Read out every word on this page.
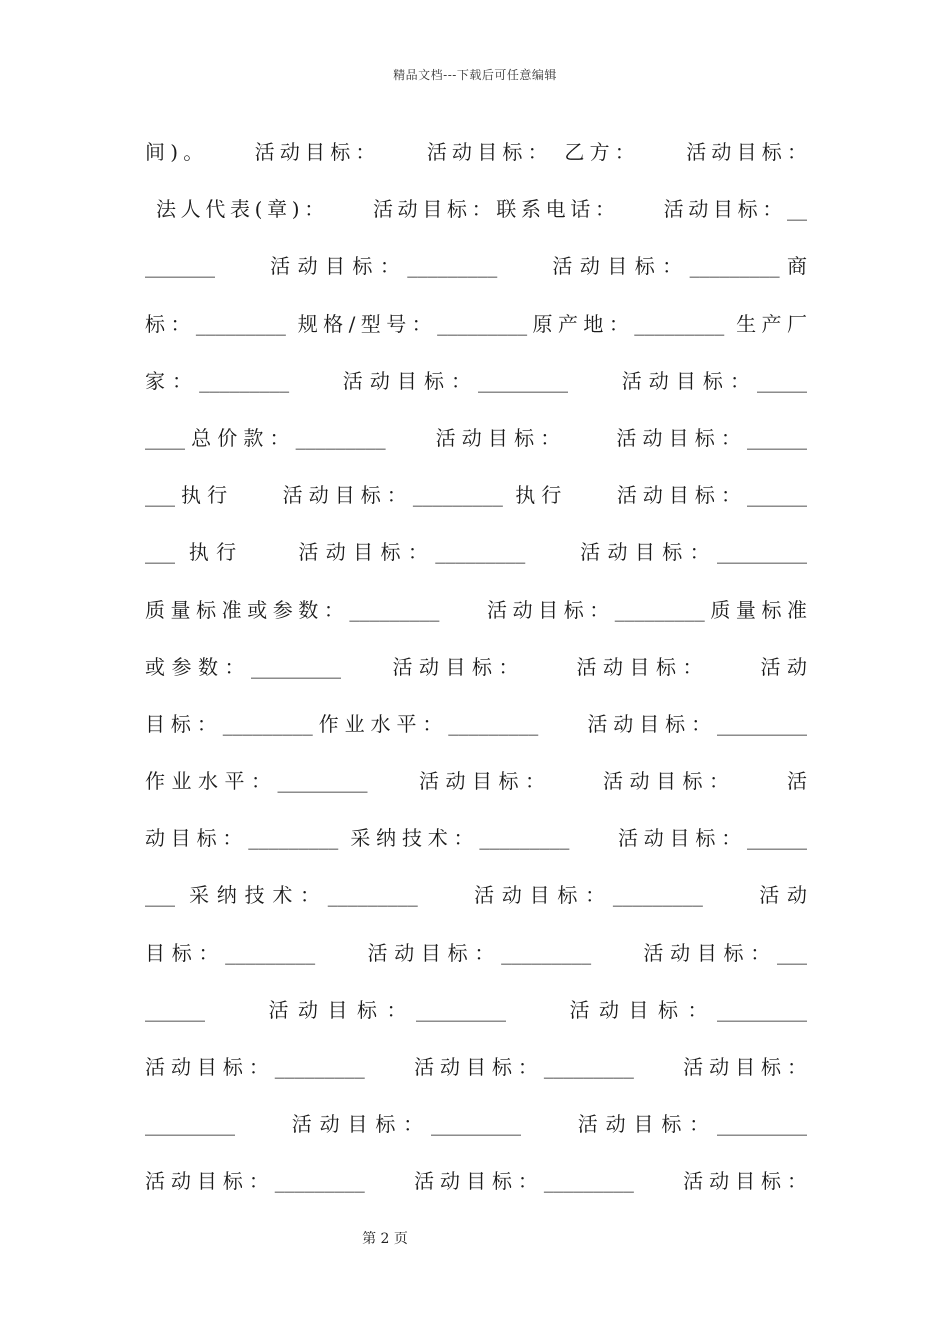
精品文档---下载后可任意编辑
间)。    活动目标：    活动目标： 乙方：    活动目标：
法人代表(章)：    活动目标：联系电话：    活动目标：__
_______    活动目标：_________    活动目标：_________商
标：_________ 规格/型号：_________原产地：_________ 生产厂
家：_________    活动目标：_________    活动目标：_____
____总价款：_________    活动目标：    活动目标：______
___执行    活动目标：_________ 执行    活动目标：______
___ 执行    活动目标：_________    活动目标：_________
质量标准或参数：_________    活动目标：_________质量标准
或参数：_________    活动目标：    活动目标：    活动
目标：_________作业水平：_________    活动目标：_________
作业水平：_________    活动目标：    活动目标：    活
动目标：_________ 采纳技术：_________    活动目标：______
___ 采纳技术：_________    活动目标：_________    活动
目标：_________    活动目标：_________    活动目标：___
______    活动目标：_________    活动目标：_________
活动目标：_________    活动目标：_________    活动目标：
_________    活动目标：_________    活动目标：_________
活动目标：_________    活动目标：_________    活动目标：
第 2 页
